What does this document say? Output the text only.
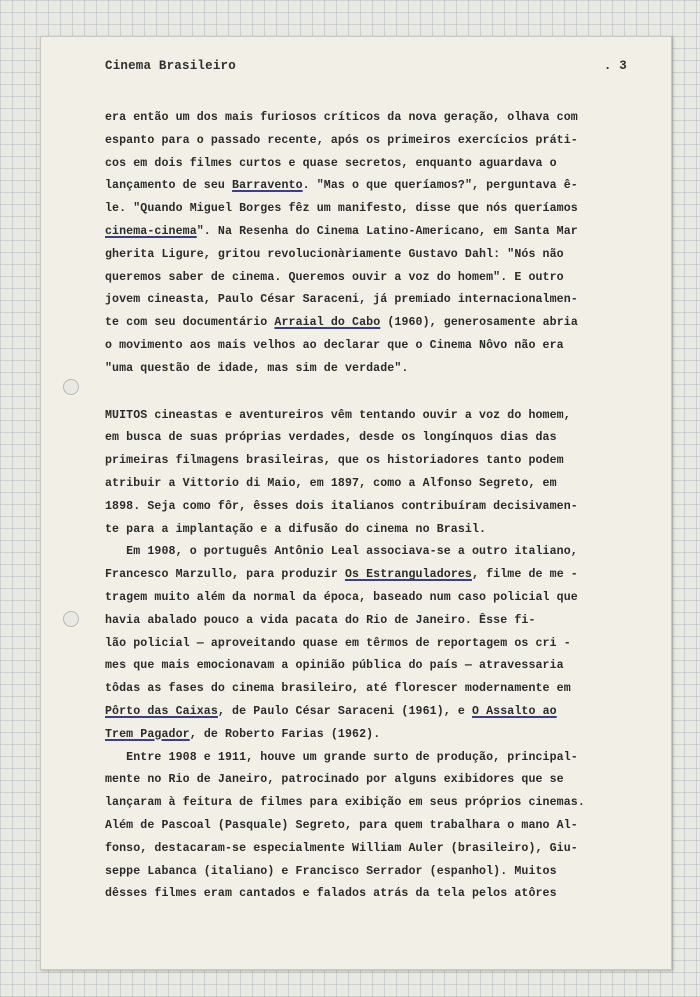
Cinema Brasileiro	. 3
era então um dos mais furiosos críticos da nova geração, olhava com
espanto para o passado recente, após os primeiros exercícios práti-
cos em dois filmes curtos e quase secretos, enquanto aguardava o
lançamento de seu Barravento. "Mas o que queríamos?", perguntava ê-
le. "Quando Miguel Borges fêz um manifesto, disse que nós queríamos
cinema-cinema". Na Resenha do Cinema Latino-Americano, em Santa Mar
gherita Ligure, gritou revolucionàriamente Gustavo Dahl: "Nós não
queremos saber de cinema. Queremos ouvir a voz do homem". E outro
jovem cineasta, Paulo César Saraceni, já premiado internacionalmen-
te com seu documentário Arraial do Cabo (1960), generosamente abria
o movimento aos mais velhos ao declarar que o Cinema Nôvo não era
"uma questão de idade, mas sim de verdade".
MUITOS cineastas e aventureiros vêm tentando ouvir a voz do homem,
em busca de suas próprias verdades, desde os longínquos dias das
primeiras filmagens brasileiras, que os historiadores tanto podem
atribuir a Vittorio di Maio, em 1897, como a Alfonso Segreto, em
1898. Seja como fôr, êsses dois italianos contribuíram decisivamen-
te para a implantação e a difusão do cinema no Brasil.
Em 1908, o português Antônio Leal associava-se a outro italiano,
Francesco Marzullo, para produzir Os Estranguladores, filme de me -
tragem muito além da normal da época, baseado num caso policial que
havia abalado pouco a vida pacata do Rio de Janeiro. Êsse fi-
lão policial — aproveitando quase em têrmos de reportagem os cri -
mes que mais emocionavam a opinião pública do país — atravessaria
tôdas as fases do cinema brasileiro, até florescer modernamente em
Pôrto das Caixas, de Paulo César Saraceni (1961), e O Assalto ao
Trem Pagador, de Roberto Farias (1962).
Entre 1908 e 1911, houve um grande surto de produção, principal-
mente no Rio de Janeiro, patrocinado por alguns exibidores que se
lançaram à feitura de filmes para exibição em seus próprios cinemas.
Além de Pascoal (Pasquale) Segreto, para quem trabalhara o mano Al-
fonso, destacaram-se especialmente William Auler (brasileiro), Giu-
seppe Labanca (italiano) e Francisco Serrador (espanhol). Muitos
dêsses filmes eram cantados e falados atrás da tela pelos atôres
